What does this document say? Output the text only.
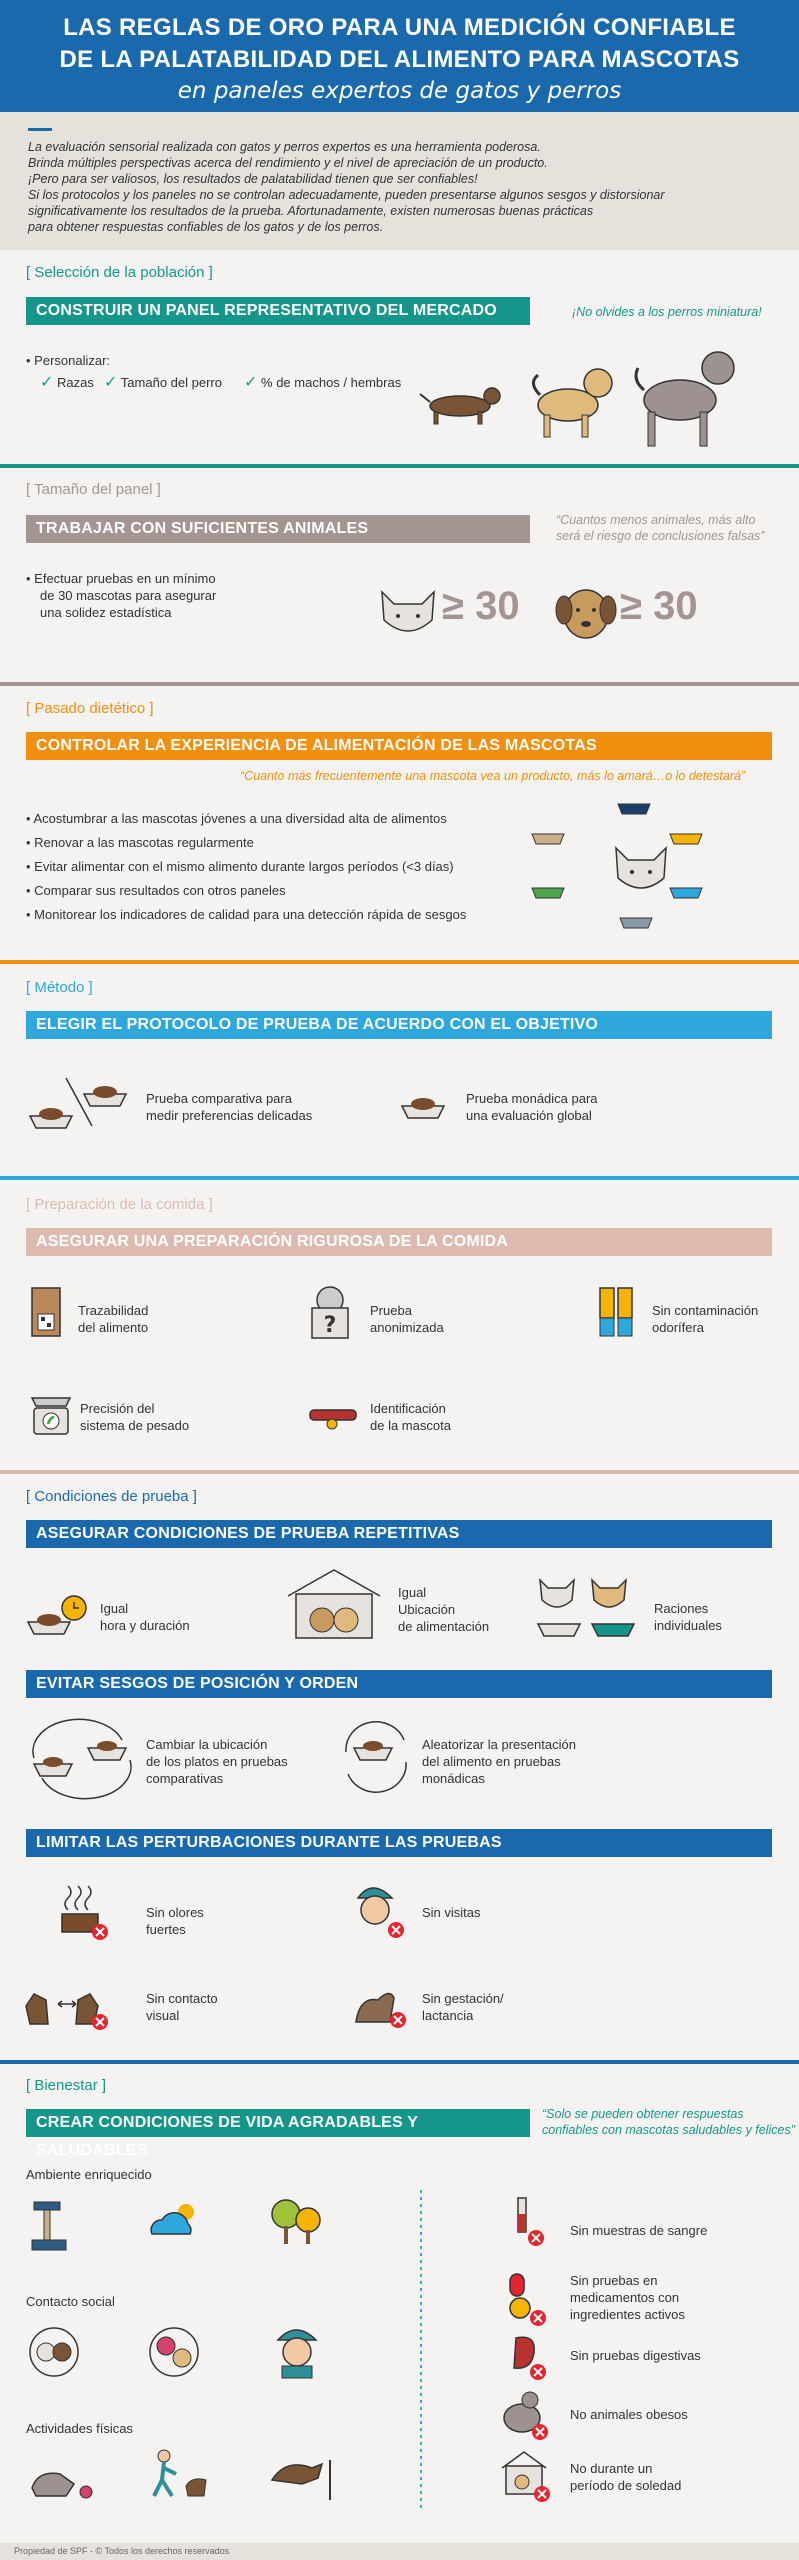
LAS REGLAS DE ORO PARA UNA MEDICIÓN CONFIABLE
DE LA PALATABILIDAD DEL ALIMENTO PARA MASCOTAS
en paneles expertos de gatos y perros

La evaluación sensorial realizada con gatos y perros expertos es una herramienta poderosa.

Brinda múltiples perspectivas acerca del rendimiento y el nivel de apreciación de un producto.

¡Pero para ser valiosos, los resultados de palatabilidad tienen que ser confiables!

Si los protocolos y los paneles no se controlan adecuadamente, pueden presentarse algunos sesgos y distorsionar

significativamente los resultados de la prueba. Afortunadamente, existen numerosas buenas prácticas

para obtener respuestas confiables de los gatos y de los perros.

[ Selección de la población ]
CONSTRUIR UN PANEL REPRESENTATIVO DEL MERCADO	¡No olvides a los perros miniatura!
• Personalizar:
✓ Razas ✓ Tamaño del perro ✓ % de machos / hembras
[ Tamaño del panel ]
TRABAJAR CON SUFICIENTES ANIMALES	“Cuantos menos animales, más alto
será el riesgo de conclusiones falsas”
• Efectuar pruebas en un mínimo
de 30 mascotas para asegurar
una solidez estadística	≥ 30	≥ 30
[ Pasado dietético ]
CONTROLAR LA EXPERIENCIA DE ALIMENTACIÓN DE LAS MASCOTAS
“Cuanto más frecuentemente una mascota vea un producto, más lo amará…o lo detestará”
• Acostumbrar a las mascotas jóvenes a una diversidad alta de alimentos
• Renovar a las mascotas regularmente
• Evitar alimentar con el mismo alimento durante largos períodos (<3 días)
• Comparar sus resultados con otros paneles
• Monitorear los indicadores de calidad para una detección rápida de sesgos
[ Método ]
ELEGIR EL PROTOCOLO DE PRUEBA DE ACUERDO CON EL OBJETIVO
Prueba comparativa para
medir preferencias delicadas
Prueba monádica para
una evaluación global
[ Preparación de la comida ]
ASEGURAR UNA PREPARACIÓN RIGUROSA DE LA COMIDA
Trazabilidad
del alimento	?
Prueba
anonimizada
Sin contaminación
odorífera
Precisión del
sistema de pesado
Identificación
de la mascota
[ Condiciones de prueba ]
ASEGURAR CONDICIONES DE PRUEBA REPETITIVAS
Igual
hora y duración
Igual
Ubicación
de alimentación
Raciones
individuales
EVITAR SESGOS DE POSICIÓN Y ORDEN
Cambiar la ubicación
de los platos en pruebas
comparativas
Aleatorizar la presentación
del alimento en pruebas
monádicas
LIMITAR LAS PERTURBACIONES DURANTE LAS PRUEBAS
Sin olores
fuertes
Sin visitas
Sin contacto
visual
Sin gestación/
lactancia
[ Bienestar ]
CREAR CONDICIONES DE VIDA AGRADABLES Y SALUDABLES
“Solo se pueden obtener respuestas
confiables con mascotas saludables y felices”
Ambiente enriquecido
Contacto social
Actividades físicas
Sin muestras de sangre
Sin pruebas en
medicamentos con
ingredientes activos
Sin pruebas digestivas
No animales obesos
No durante un
período de soledad
Propiedad de SPF - © Todos los derechos reservados
